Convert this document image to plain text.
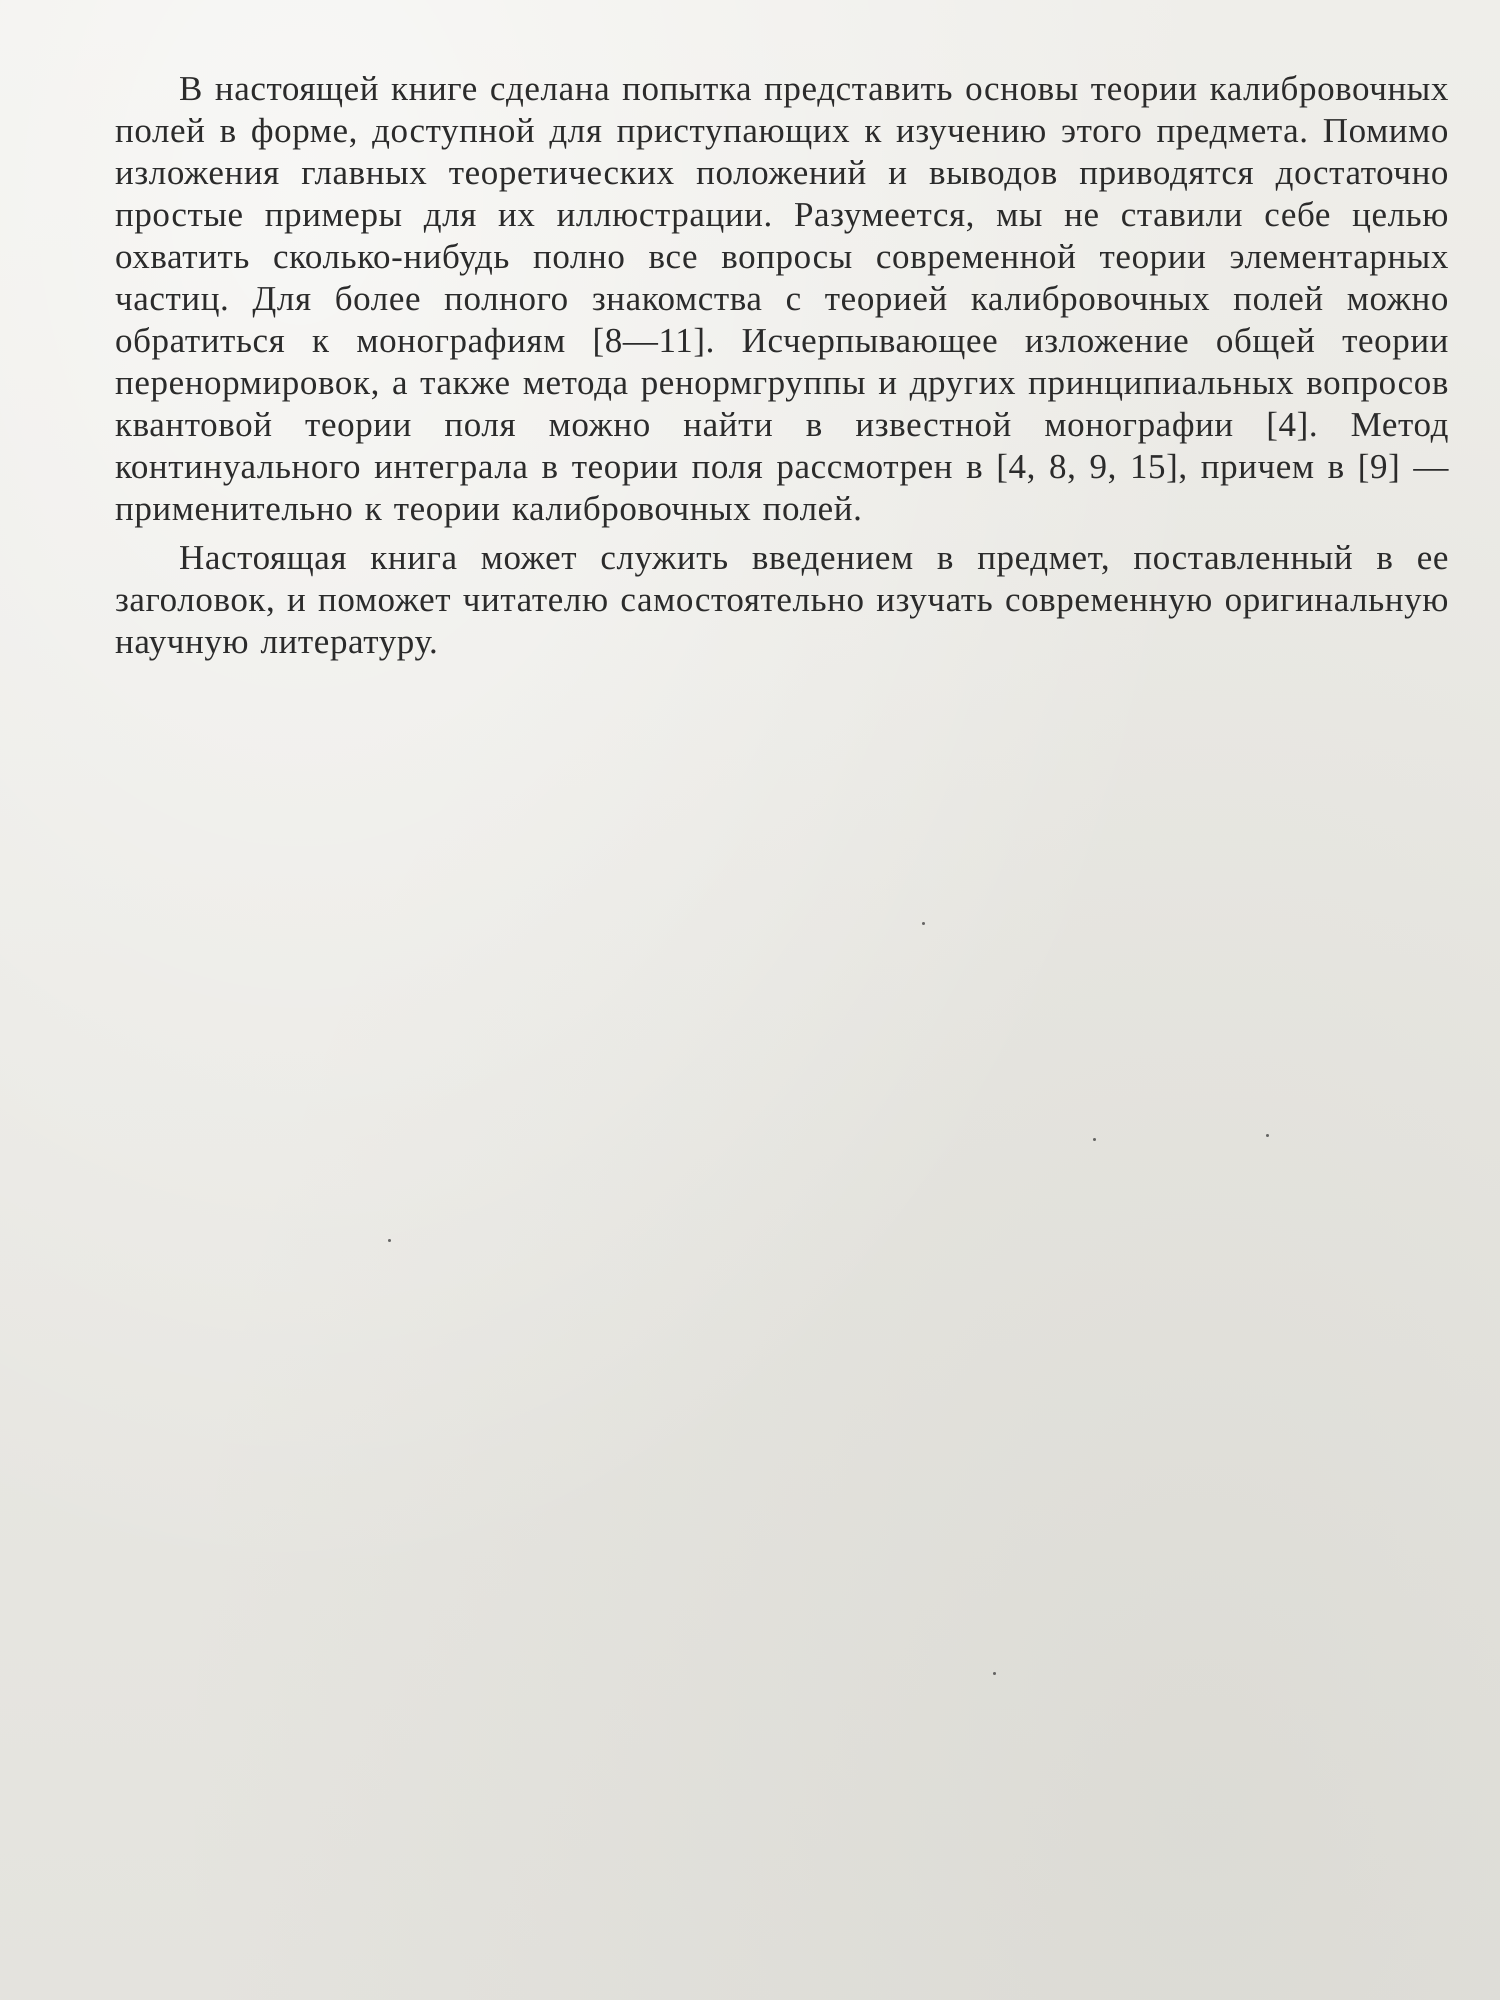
В настоящей книге сделана попытка представить основы теории калибровочных полей в форме, доступной для приступающих к изучению этого предмета. Помимо изложения главных теоретических положений и выводов приводятся достаточно простые примеры для их иллюстрации. Разумеется, мы не ставили себе целью охватить сколько-нибудь полно все вопросы современной теории элементарных частиц. Для более полного знакомства с теорией калибровочных полей можно обратиться к монографиям [8—11]. Исчерпывающее изложение общей теории перенормировок, а также метода ренормгруппы и других принципиальных вопросов квантовой теории поля можно найти в известной монографии [4]. Метод континуального интеграла в теории поля рассмотрен в [4, 8, 9, 15], причем в [9] — применительно к теории калибровочных полей.

Настоящая книга может служить введением в предмет, поставленный в ее заголовок, и поможет читателю самостоятельно изучать современную оригинальную научную литературу.
